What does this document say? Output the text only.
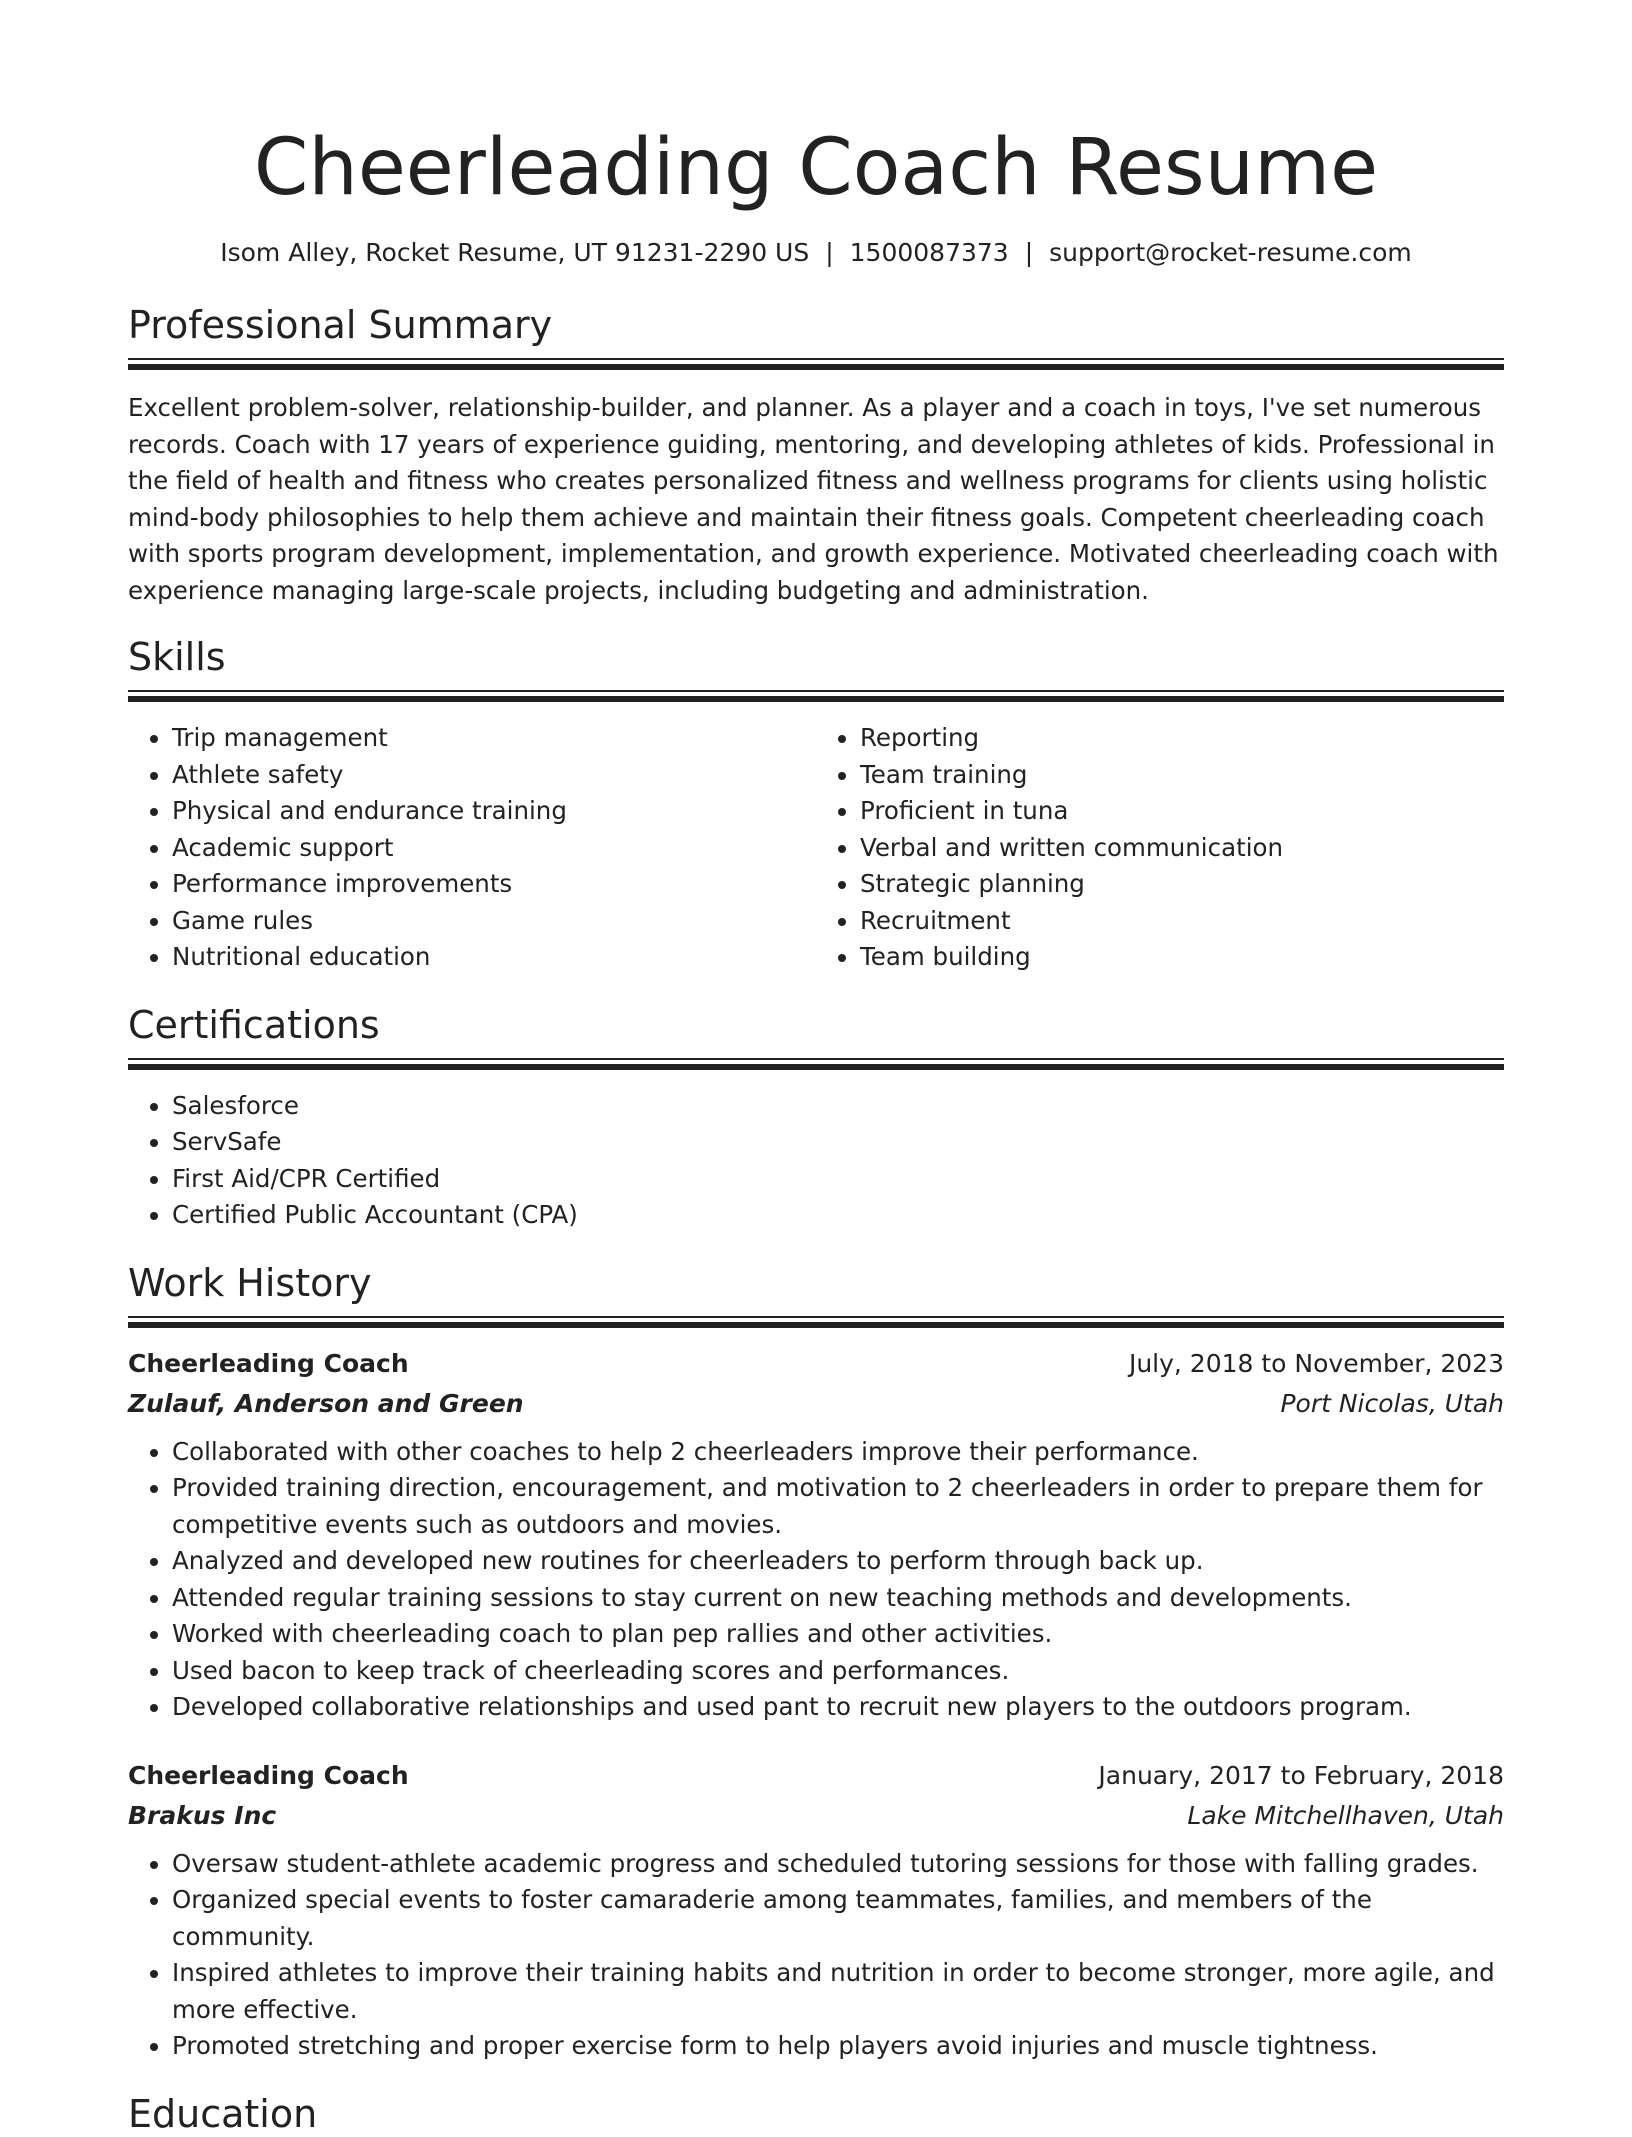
Cheerleading Coach Resume
Isom Alley, Rocket Resume, UT 91231-2290 US | 1500087373 | support@rocket-resume.com
Professional Summary
Excellent problem-solver, relationship-builder, and planner. As a player and a coach in toys, I've set numerous records. Coach with 17 years of experience guiding, mentoring, and developing athletes of kids. Professional in the field of health and fitness who creates personalized fitness and wellness programs for clients using holistic mind-body philosophies to help them achieve and maintain their fitness goals. Competent cheerleading coach with sports program development, implementation, and growth experience. Motivated cheerleading coach with experience managing large-scale projects, including budgeting and administration.
Skills
• Trip management
• Athlete safety
• Physical and endurance training
• Academic support
• Performance improvements
• Game rules
• Nutritional education
• Reporting
• Team training
• Proficient in tuna
• Verbal and written communication
• Strategic planning
• Recruitment
• Team building
Certifications
• Salesforce
• ServSafe
• First Aid/CPR Certified
• Certified Public Accountant (CPA)
Work History
Cheerleading Coach	July, 2018 to November, 2023
Zulauf, Anderson and Green	Port Nicolas, Utah
• Collaborated with other coaches to help 2 cheerleaders improve their performance.
• Provided training direction, encouragement, and motivation to 2 cheerleaders in order to prepare them for competitive events such as outdoors and movies.
• Analyzed and developed new routines for cheerleaders to perform through back up.
• Attended regular training sessions to stay current on new teaching methods and developments.
• Worked with cheerleading coach to plan pep rallies and other activities.
• Used bacon to keep track of cheerleading scores and performances.
• Developed collaborative relationships and used pant to recruit new players to the outdoors program.
Cheerleading Coach	January, 2017 to February, 2018
Brakus Inc	Lake Mitchellhaven, Utah
• Oversaw student-athlete academic progress and scheduled tutoring sessions for those with falling grades.
• Organized special events to foster camaraderie among teammates, families, and members of the community.
• Inspired athletes to improve their training habits and nutrition in order to become stronger, more agile, and more effective.
• Promoted stretching and proper exercise form to help players avoid injuries and muscle tightness.
Education
